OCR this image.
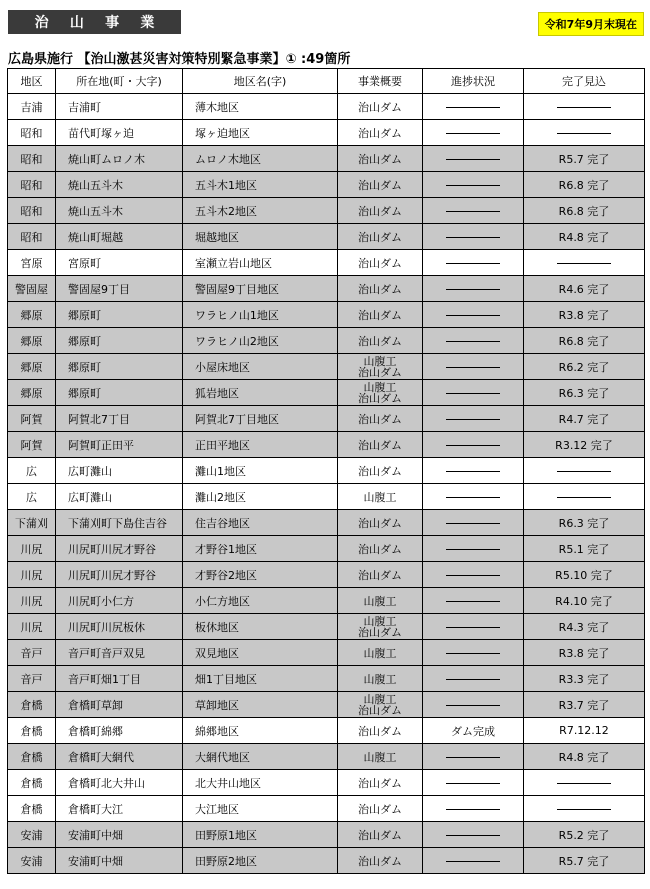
治 山 事 業	令和7年9月末現在
広島県施行 【治山激甚災害対策特別緊急事業】① :49箇所
地区	所在地(町・大字)	地区名(字)	事業概要	進捗状況	完了見込
吉浦	吉浦町	薄木地区	治山ダム		
昭和	苗代町塚ヶ迫	塚ヶ迫地区	治山ダム		
昭和	焼山町ムロノ木	ムロノ木地区	治山ダム		R5.7 完了
昭和	焼山五斗木	五斗木1地区	治山ダム		R6.8 完了
昭和	焼山五斗木	五斗木2地区	治山ダム		R6.8 完了
昭和	焼山町堀越	堀越地区	治山ダム		R4.8 完了
宮原	宮原町	室瀬立岩山地区	治山ダム		
警固屋	警固屋9丁目	警固屋9丁目地区	治山ダム		R4.6 完了
郷原	郷原町	ワラヒノ山1地区	治山ダム		R3.8 完了
郷原	郷原町	ワラヒノ山2地区	治山ダム		R6.8 完了
郷原	郷原町	小屋床地区	山腹工
治山ダム		R6.2 完了
郷原	郷原町	狐岩地区	山腹工
治山ダム		R6.3 完了
阿賀	阿賀北7丁目	阿賀北7丁目地区	治山ダム		R4.7 完了
阿賀	阿賀町正田平	正田平地区	治山ダム		R3.12 完了
広	広町灘山	灘山1地区	治山ダム		
広	広町灘山	灘山2地区	山腹工		
下蒲刈	下蒲刈町下島住吉谷	住吉谷地区	治山ダム		R6.3 完了
川尻	川尻町川尻才野谷	才野谷1地区	治山ダム		R5.1 完了
川尻	川尻町川尻才野谷	才野谷2地区	治山ダム		R5.10 完了
川尻	川尻町小仁方	小仁方地区	山腹工		R4.10 完了
川尻	川尻町川尻板休	板休地区	山腹工
治山ダム		R4.3 完了
音戸	音戸町音戸双見	双見地区	山腹工		R3.8 完了
音戸	音戸町畑1丁目	畑1丁目地区	山腹工		R3.3 完了
倉橋	倉橋町草卸	草卸地区	山腹工
治山ダム		R3.7 完了
倉橋	倉橋町綿郷	綿郷地区	治山ダム	ダム完成	R7.12.12
倉橋	倉橋町大網代	大網代地区	山腹工		R4.8 完了
倉橋	倉橋町北大井山	北大井山地区	治山ダム		
倉橋	倉橋町大江	大江地区	治山ダム		
安浦	安浦町中畑	田野原1地区	治山ダム		R5.2 完了
安浦	安浦町中畑	田野原2地区	治山ダム		R5.7 完了
